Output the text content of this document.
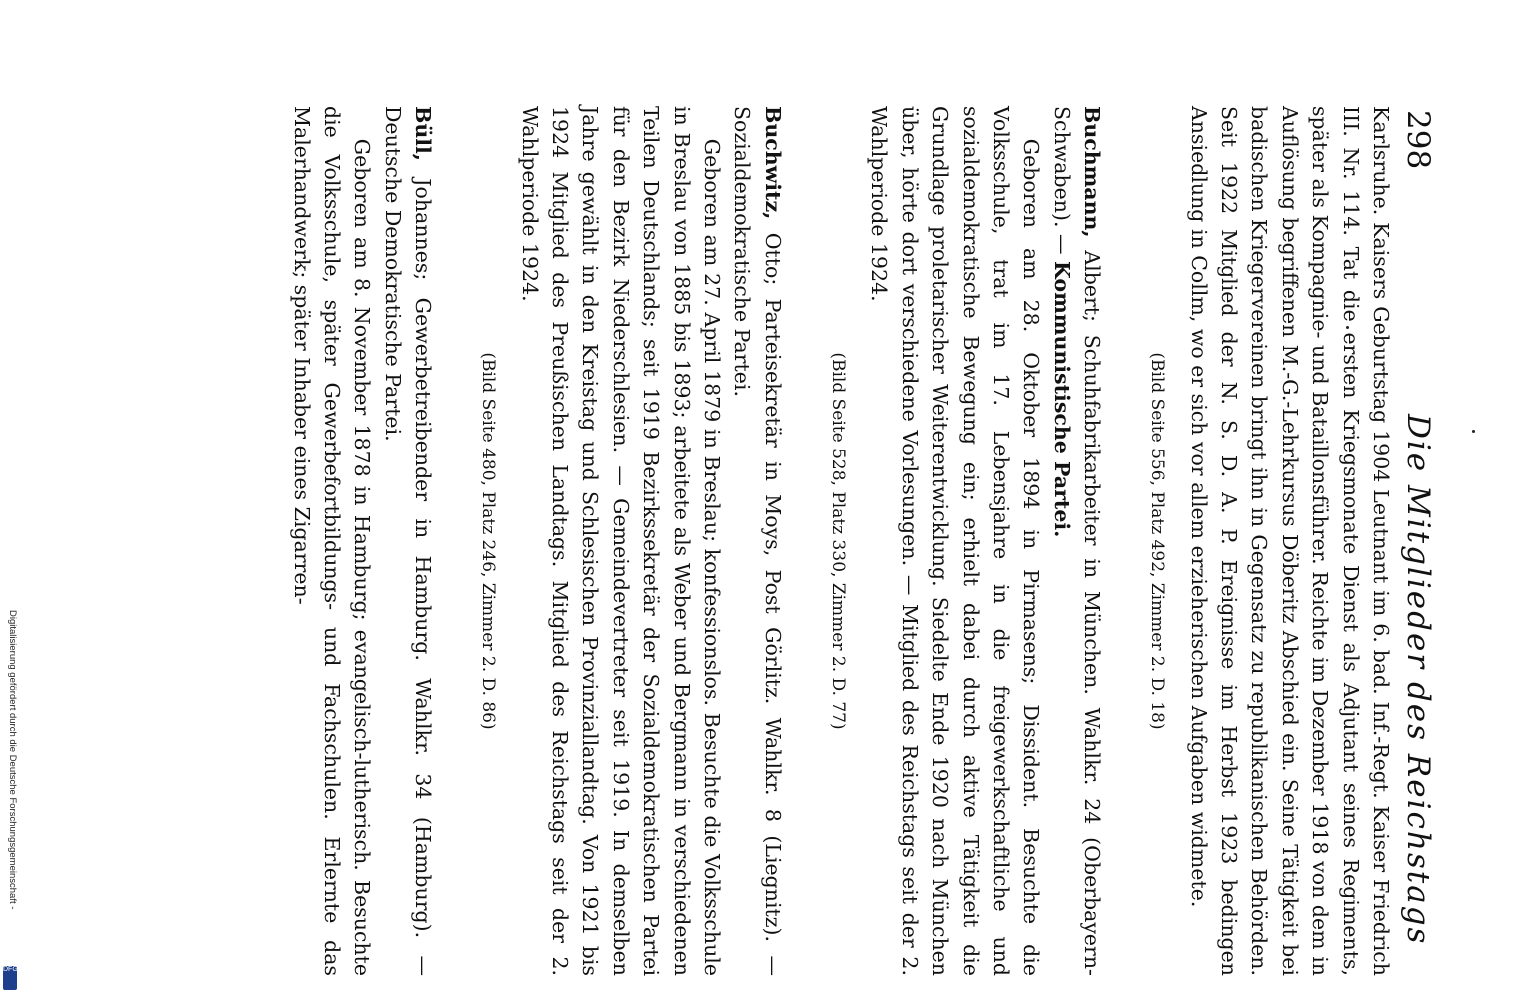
298
Die Mitglieder des Reichstags

Karlsruhe. Kaisers Geburtstag 1904 Leutnant im 6. bad. Inf.-Regt. Kaiser Friedrich III. Nr. 114. Tat die ersten Kriegsmonate Dienst als Adjutant seines Regiments, später als Kompagnie- und Bataillonsführer. Reichte im Dezember 1918 von dem in Auflösung begriffenen M.-G.-Lehrkursus Döberitz Abschied ein. Seine Tätigkeit bei badischen Kriegervereinen bringt ihn in Gegensatz zu republikanischen Behörden. Seit 1922 Mitglied der N. S. D. A. P. Ereignisse im Herbst 1923 bedingen Ansiedlung in Collm, wo er sich vor allem erzieherischen Aufgaben widmete.

(Bild Seite 556, Platz 492, Zimmer 2. D. 18)

Buchmann, Albert; Schuhfabrikarbeiter in München. Wahlkr. 24 (Oberbayern-Schwaben). — Kommunistische Partei.

Geboren am 28. Oktober 1894 in Pirmasens; Dissident. Besuchte die Volksschule, trat im 17. Lebensjahre in die freigewerkschaftliche und sozialdemokratische Bewegung ein; erhielt dabei durch aktive Tätigkeit die Grundlage proletarischer Weiterentwicklung. Siedelte Ende 1920 nach München über, hörte dort verschiedene Vorlesungen. — Mitglied des Reichstags seit der 2. Wahlperiode 1924.

(Bild Seite 528, Platz 330, Zimmer 2. D. 77)

Buchwitz, Otto; Parteisekretär in Moys, Post Görlitz. Wahlkr. 8 (Liegnitz). — Sozialdemokratische Partei.

Geboren am 27. April 1879 in Breslau; konfessionslos. Besuchte die Volksschule in Breslau von 1885 bis 1893; arbeitete als Weber und Bergmann in verschiedenen Teilen Deutschlands; seit 1919 Bezirkssekretär der Sozialdemokratischen Partei für den Bezirk Niederschlesien. — Gemeindevertreter seit 1919. In demselben Jahre gewählt in den Kreistag und Schlesischen Provinziallandtag. Von 1921 bis 1924 Mitglied des Preußischen Landtags. Mitglied des Reichstags seit der 2. Wahlperiode 1924.

(Bild Seite 480, Platz 246, Zimmer 2. D. 86)

Büll, Johannes; Gewerbetreibender in Hamburg. Wahlkr. 34 (Hamburg). — Deutsche Demokratische Partei.

Geboren am 8. November 1878 in Hamburg; evangelisch-lutherisch. Besuchte die Volksschule, später Gewerbefortbildungs- und Fachschulen. Erlernte das Malerhandwerk; später Inhaber eines Zigarren-

Digitalisierung gefördert durch die Deutsche Forschungsgemeinschaft -
DFG
